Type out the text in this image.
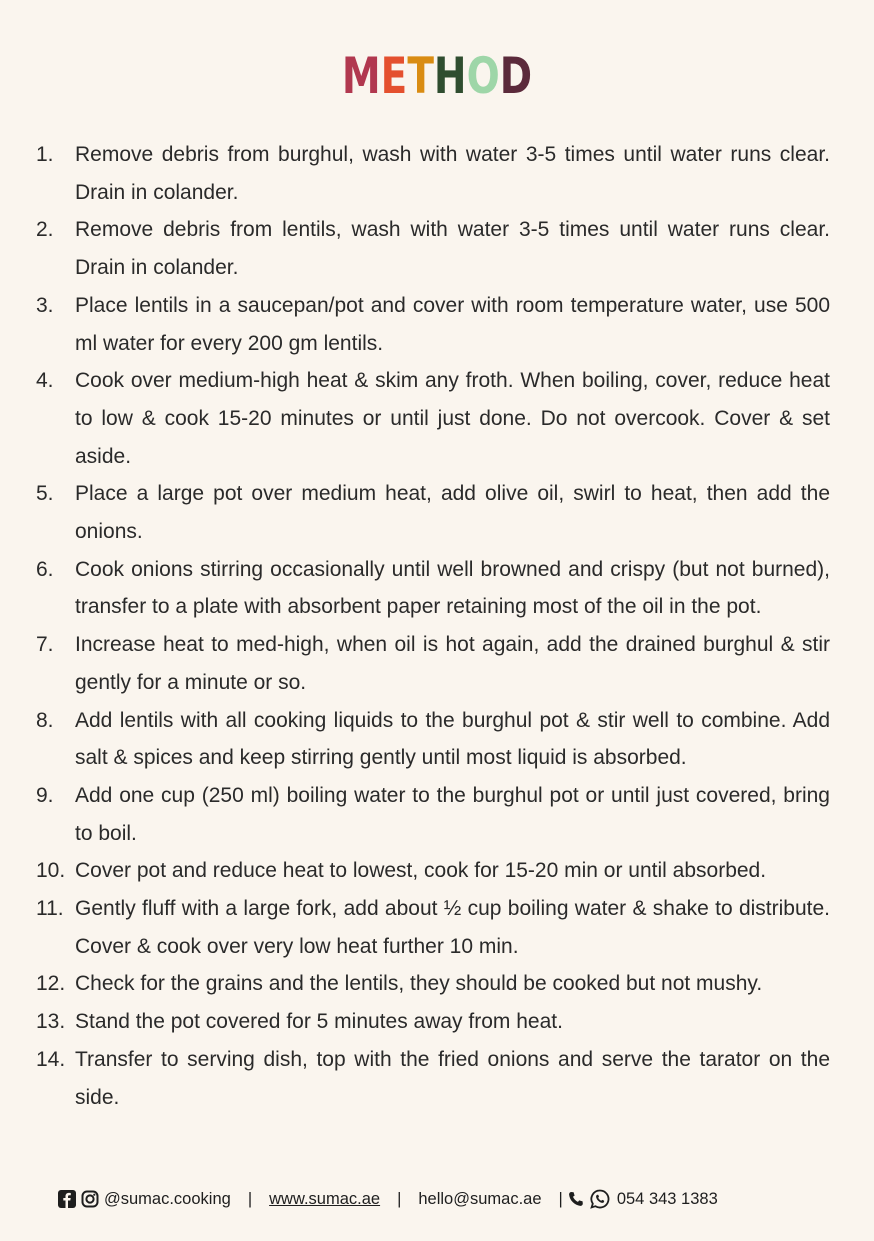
METHOD
1.	Remove debris from burghul, wash with water 3-5 times until water runs clear. Drain in colander.
2.	Remove debris from lentils, wash with water 3-5 times until water runs clear. Drain in colander.
3.	Place lentils in a saucepan/pot and cover with room temperature water, use 500 ml water for every 200 gm lentils.
4.	Cook over medium-high heat & skim any froth. When boiling, cover, reduce heat to low & cook 15-20 minutes or until just done. Do not overcook. Cover & set aside.
5.	Place a large pot over medium heat, add olive oil, swirl to heat, then add the onions.
6.	Cook onions stirring occasionally until well browned and crispy (but not burned), transfer to a plate with absorbent paper retaining most of the oil in the pot.
7.	Increase heat to med-high, when oil is hot again, add the drained burghul & stir gently for a minute or so.
8.	Add lentils with all cooking liquids to the burghul pot & stir well to combine. Add salt & spices and keep stirring gently until most liquid is absorbed.
9.	Add one cup (250 ml) boiling water to the burghul pot or until just covered, bring to boil.
10. Cover pot and reduce heat to lowest, cook for 15-20 min or until absorbed.
11. Gently fluff with a large fork, add about ½ cup boiling water & shake to distribute. Cover & cook over very low heat further 10 min.
12. Check for the grains and the lentils, they should be cooked but not mushy.
13. Stand the pot covered for 5 minutes away from heat.
14. Transfer to serving dish, top with the fried onions and serve the tarator on the side.
@sumac.cooking | www.sumac.ae | hello@sumac.ae |	054 343 1383
